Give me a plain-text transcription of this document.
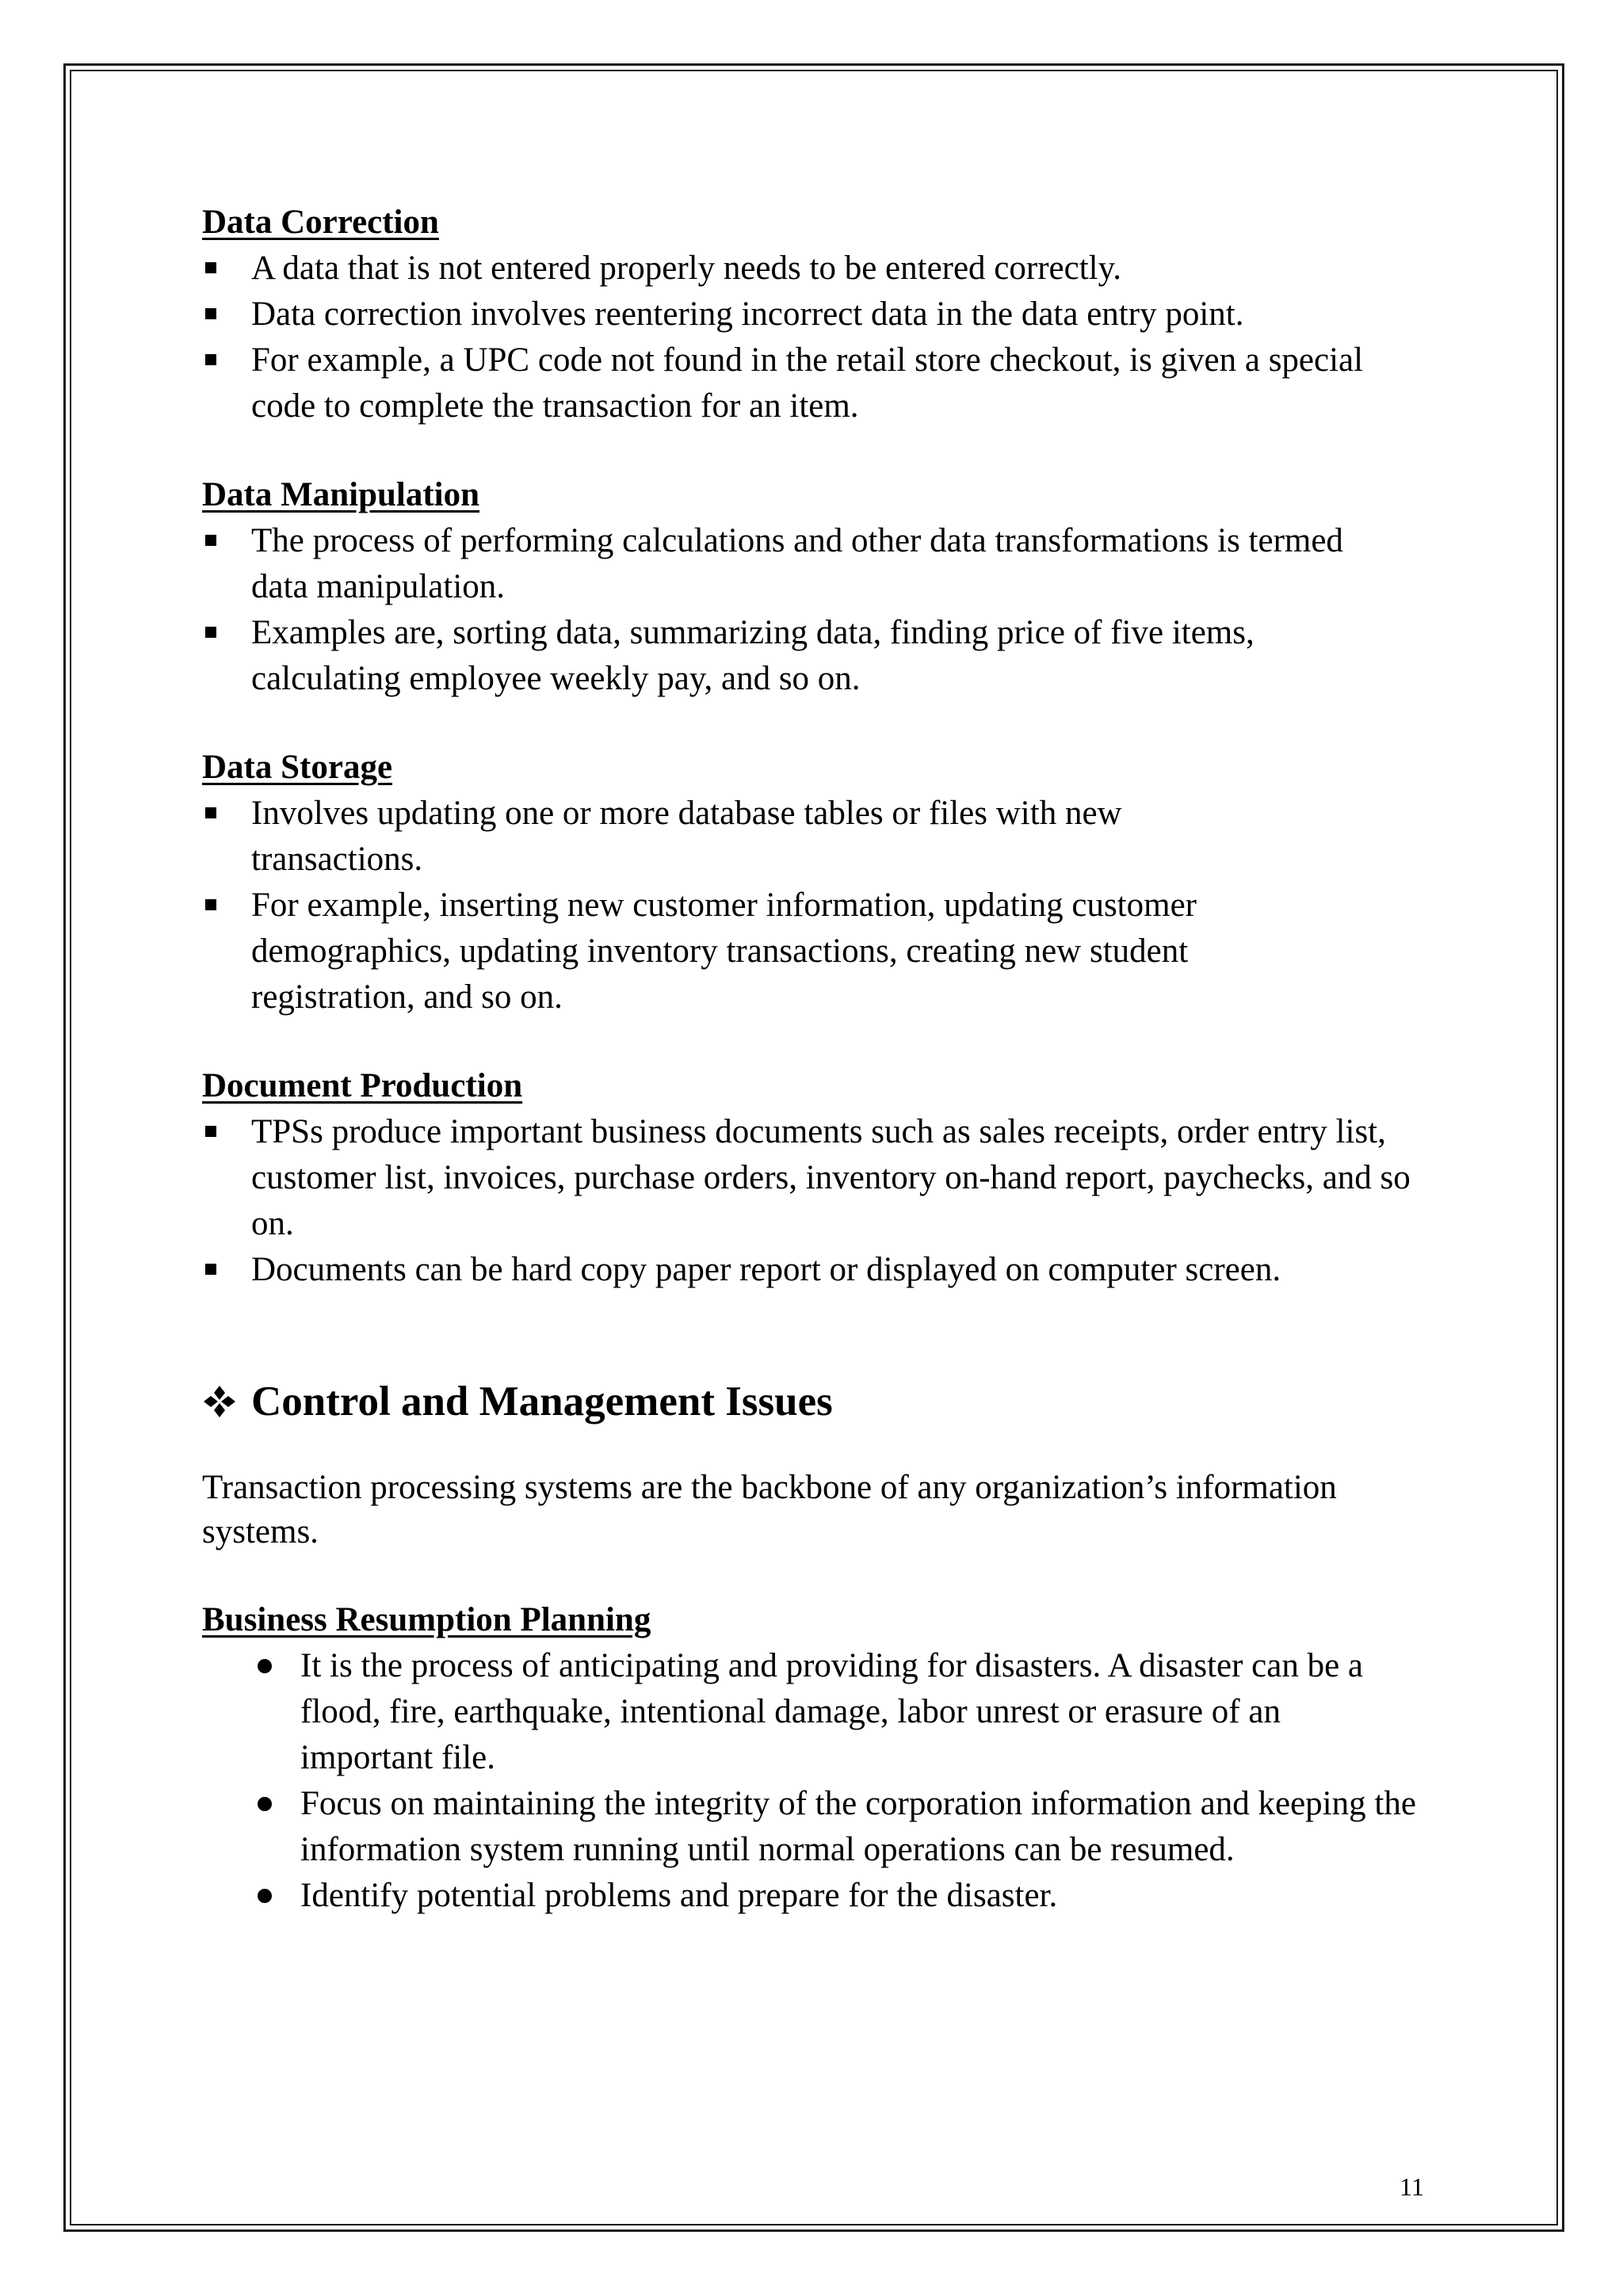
Data Correction
A data that is not entered properly needs to be entered correctly.
Data correction involves reentering incorrect data in the data entry point.
For example, a UPC code not found in the retail store checkout, is given a special code to complete the transaction for an item.
Data Manipulation
The process of performing calculations and other data transformations is termed data manipulation.
Examples are, sorting data, summarizing data, finding price of five items, calculating employee weekly pay, and so on.
Data Storage
Involves updating one or more database tables or files with new transactions.
For example, inserting new customer information, updating customer demographics, updating inventory transactions, creating new student registration, and so on.
Document Production
TPSs produce important business documents such as sales receipts, order entry list, customer list, invoices, purchase orders, inventory on-hand report, paychecks, and so on.
Documents can be hard copy paper report or displayed on computer screen.
Control and Management Issues

Transaction processing systems are the backbone of any organization’s information systems.

Business Resumption Planning
It is the process of anticipating and providing for disasters. A disaster can be a flood, fire, earthquake, intentional damage, labor unrest or erasure of an important file.
Focus on maintaining the integrity of the corporation information and keeping the information system running until normal operations can be resumed.
Identify potential problems and prepare for the disaster.
11
